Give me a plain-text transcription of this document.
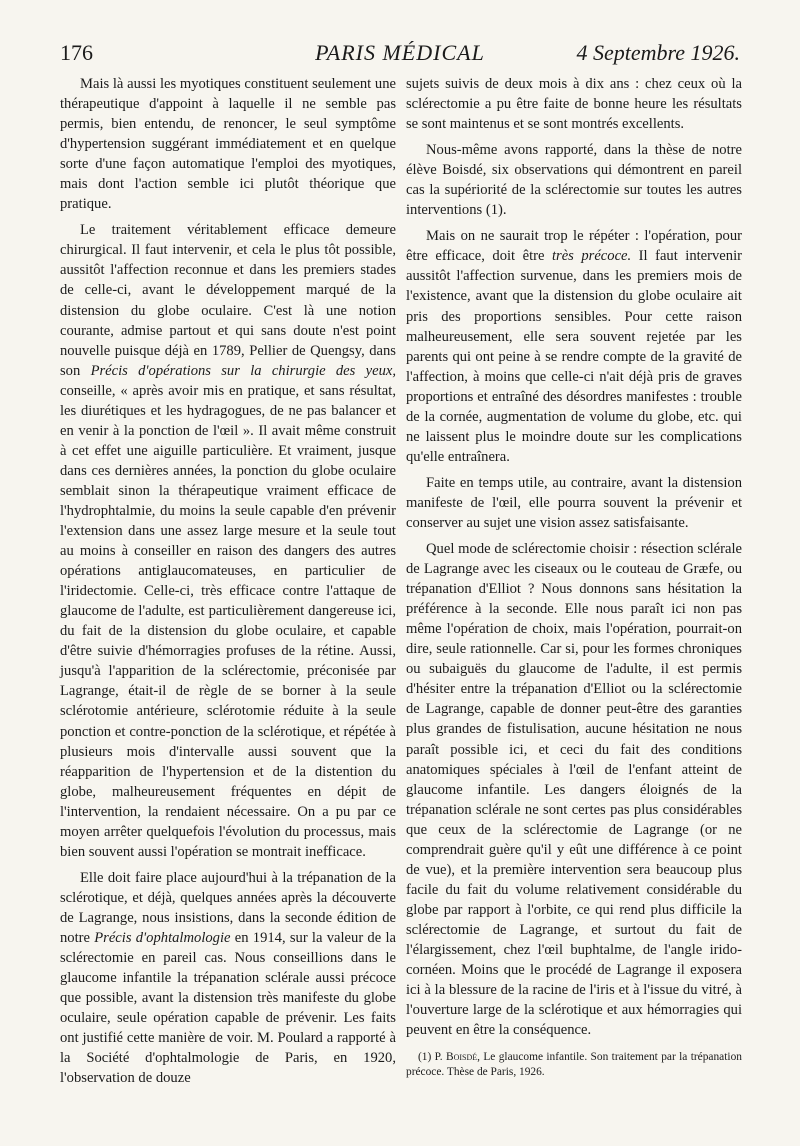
176	PARIS MÉDICAL	4 Septembre 1926.

Mais là aussi les myotiques constituent seulement une thérapeutique d'appoint à laquelle il ne semble pas permis, bien entendu, de renoncer, le seul symptôme d'hypertension suggérant immédiatement et en quelque sorte d'une façon automatique l'emploi des myotiques, mais dont l'action semble ici plutôt théorique que pratique.

Le traitement véritablement efficace demeure chirurgical. Il faut intervenir, et cela le plus tôt possible, aussitôt l'affection reconnue et dans les premiers stades de celle-ci, avant le développement marqué de la distension du globe oculaire. C'est là une notion courante, admise partout et qui sans doute n'est point nouvelle puisque déjà en 1789, Pellier de Quengsy, dans son Précis d'opérations sur la chirurgie des yeux, conseille, « après avoir mis en pratique, et sans résultat, les diurétiques et les hydragogues, de ne pas balancer et en venir à la ponction de l'œil ». Il avait même construit à cet effet une aiguille particulière. Et vraiment, jusque dans ces dernières années, la ponction du globe oculaire semblait sinon la thérapeutique vraiment efficace de l'hydrophtalmie, du moins la seule capable d'en prévenir l'extension dans une assez large mesure et la seule tout au moins à conseiller en raison des dangers des autres opérations antiglaucomateuses, en particulier de l'iridectomie. Celle-ci, très efficace contre l'attaque de glaucome de l'adulte, est particulièrement dangereuse ici, du fait de la distension du globe oculaire, et capable d'être suivie d'hémorragies profuses de la rétine. Aussi, jusqu'à l'apparition de la sclérectomie, préconisée par Lagrange, était-il de règle de se borner à la seule sclérotomie antérieure, sclérotomie réduite à la seule ponction et contre-ponction de la sclérotique, et répétée à plusieurs mois d'intervalle aussi souvent que la réapparition de l'hypertension et de la distention du globe, malheureusement fréquentes en dépit de l'intervention, la rendaient nécessaire. On a pu par ce moyen arrêter quelquefois l'évolution du processus, mais bien souvent aussi l'opération se montrait inefficace.

Elle doit faire place aujourd'hui à la trépanation de la sclérotique, et déjà, quelques années après la découverte de Lagrange, nous insistions, dans la seconde édition de notre Précis d'ophtalmologie en 1914, sur la valeur de la sclérectomie en pareil cas. Nous conseillions dans le glaucome infantile la trépanation sclérale aussi précoce que possible, avant la distension très manifeste du globe oculaire, seule opération capable de prévenir. Les faits ont justifié cette manière de voir. M. Poulard a rapporté à la Société d'ophtalmologie de Paris, en 1920, l'observation de douze

sujets suivis de deux mois à dix ans : chez ceux où la sclérectomie a pu être faite de bonne heure les résultats se sont maintenus et se sont montrés excellents.

Nous-même avons rapporté, dans la thèse de notre élève Boisdé, six observations qui démontrent en pareil cas la supériorité de la sclérectomie sur toutes les autres interventions (1).

Mais on ne saurait trop le répéter : l'opération, pour être efficace, doit être très précoce. Il faut intervenir aussitôt l'affection survenue, dans les premiers mois de l'existence, avant que la distension du globe oculaire ait pris des proportions sensibles. Pour cette raison malheureusement, elle sera souvent rejetée par les parents qui ont peine à se rendre compte de la gravité de l'affection, à moins que celle-ci n'ait déjà pris de graves proportions et entraîné des désordres manifestes : trouble de la cornée, augmentation de volume du globe, etc. qui ne laissent plus le moindre doute sur les complications qu'elle entraînera.

Faite en temps utile, au contraire, avant la distension manifeste de l'œil, elle pourra souvent la prévenir et conserver au sujet une vision assez satisfaisante.

Quel mode de sclérectomie choisir : résection sclérale de Lagrange avec les ciseaux ou le couteau de Græfe, ou trépanation d'Elliot ? Nous donnons sans hésitation la préférence à la seconde. Elle nous paraît ici non pas même l'opération de choix, mais l'opération, pourrait-on dire, seule rationnelle. Car si, pour les formes chroniques ou subaiguës du glaucome de l'adulte, il est permis d'hésiter entre la trépanation d'Elliot ou la sclérectomie de Lagrange, capable de donner peut-être des garanties plus grandes de fistulisation, aucune hésitation ne nous paraît possible ici, et ceci du fait des conditions anatomiques spéciales à l'œil de l'enfant atteint de glaucome infantile. Les dangers éloignés de la trépanation sclérale ne sont certes pas plus considérables que ceux de la sclérectomie de Lagrange (or ne comprendrait guère qu'il y eût une différence à ce point de vue), et la première intervention sera beaucoup plus facile du fait du volume relativement considérable du globe par rapport à l'orbite, ce qui rend plus difficile la sclérectomie de Lagrange, et surtout du fait de l'élargissement, chez l'œil buphtalme, de l'angle irido-cornéen. Moins que le procédé de Lagrange il exposera ici à la blessure de la racine de l'iris et à l'issue du vitré, à l'ouverture large de la sclérotique et aux hémorragies qui peuvent en être la conséquence.

(1) P. Boisdé, Le glaucome infantile. Son traitement par la trépanation précoce. Thèse de Paris, 1926.
